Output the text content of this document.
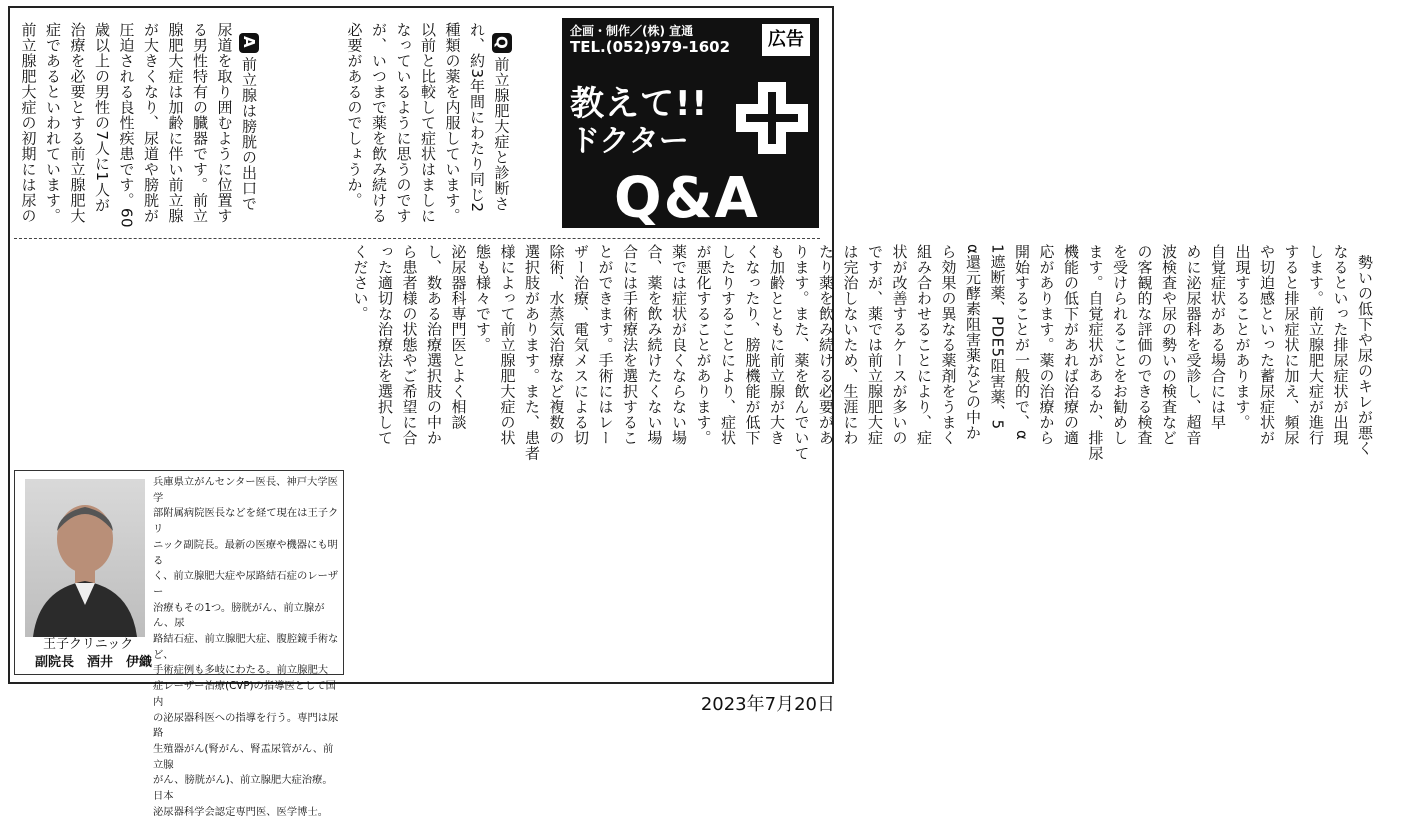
企画・制作／(株) 宣通
TEL.(052)979-1602	広告
教えて!!
ドクター
Q&A

Q前立腺肥大症と診断さ
れ、約3年間にわたり同じ2
種類の薬を内服しています。
以前と比較して症状はましに
なっているように思うのです
が、いつまで薬を飲み続ける
必要があるのでしょうか。

A前立腺は膀胱の出口で
尿道を取り囲むように位置す
る男性特有の臓器です。前立
腺肥大症は加齢に伴い前立腺
が大きくなり、尿道や膀胱が
圧迫される良性疾患です。60
歳以上の男性の7人に1人が
治療を必要とする前立腺肥大
症であるといわれています。
前立腺肥大症の初期には尿の

勢いの低下や尿のキレが悪く
なるといった排尿症状が出現
します。前立腺肥大症が進行
すると排尿症状に加え、頻尿
や切迫感といった蓄尿症状が
出現することがあります。
自覚症状がある場合には早
めに泌尿器科を受診し、超音
波検査や尿の勢いの検査など
の客観的な評価のできる検査
を受けられることをお勧めし
ます。自覚症状があるか、排尿
機能の低下があれば治療の適
応があります。薬の治療から
開始することが一般的で、α
1遮断薬、PDE5阻害薬、5
α還元酵素阻害薬などの中か
ら効果の異なる薬剤をうまく
組み合わせることにより、症
状が改善するケースが多いの
ですが、薬では前立腺肥大症
は完治しないため、生涯にわ
たり薬を飲み続ける必要があ
ります。また、薬を飲んでいて
も加齢とともに前立腺が大き
くなったり、膀胱機能が低下
したりすることにより、症状
が悪化することがあります。
薬では症状が良くならない場
合、薬を飲み続けたくない場
合には手術療法を選択するこ
とができます。手術にはレー
ザー治療、電気メスによる切
除術、水蒸気治療など複数の
選択肢があります。また、患者
様によって前立腺肥大症の状
態も様々です。
泌尿器科専門医とよく相談
し、数ある治療選択肢の中か
ら患者様の状態やご希望に合
った適切な治療法を選択して
ください。

兵庫県立がんセンター医長、神戸大学医学
部附属病院医長などを経て現在は王子クリ
ニック副院長。最新の医療や機器にも明る
く、前立腺肥大症や尿路結石症のレーザー
治療もその1つ。膀胱がん、前立腺がん、尿
路結石症、前立腺肥大症、腹腔鏡手術など、
手術症例も多岐にわたる。前立腺肥大
症レーザー治療(CVP)の指導医として国内
の泌尿器科医への指導を行う。専門は尿路
生殖器がん(腎がん、腎盂尿管がん、前立腺
がん、膀胱がん)、前立腺肥大症治療。日本
泌尿器科学会認定専門医、医学博士。
王子クリニック
副院長　 酒井　伊織
2023年7月20日
